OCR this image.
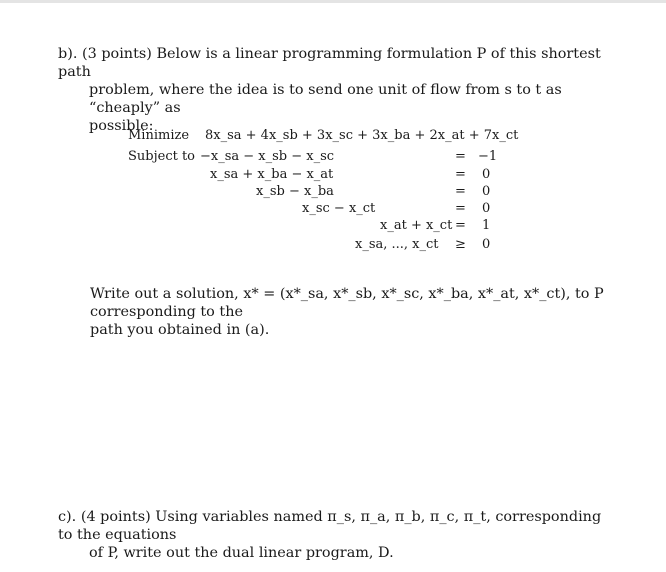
b). (3 points) Below is a linear programming formulation P of this shortest path
problem, where the idea is to send one unit of flow from s to t as “cheaply” as
possible:
Minimize 8x_sa + 4x_sb + 3x_sc + 3x_ba + 2x_at + 7x_ct
Subject to −x_sa − x_sb − x_sc	= −1
x_sa + x_ba − x_at	= 0
x_sb − x_ba	= 0
x_sc − x_ct	= 0
x_at + x_ct = 1
x_sa, ..., x_ct ≥ 0
Write out a solution, x* = (x*_sa, x*_sb, x*_sc, x*_ba, x*_at, x*_ct), to P corresponding to the
path you obtained in (a).
c). (4 points) Using variables named π_s, π_a, π_b, π_c, π_t, corresponding to the equations
of P, write out the dual linear program, D.
